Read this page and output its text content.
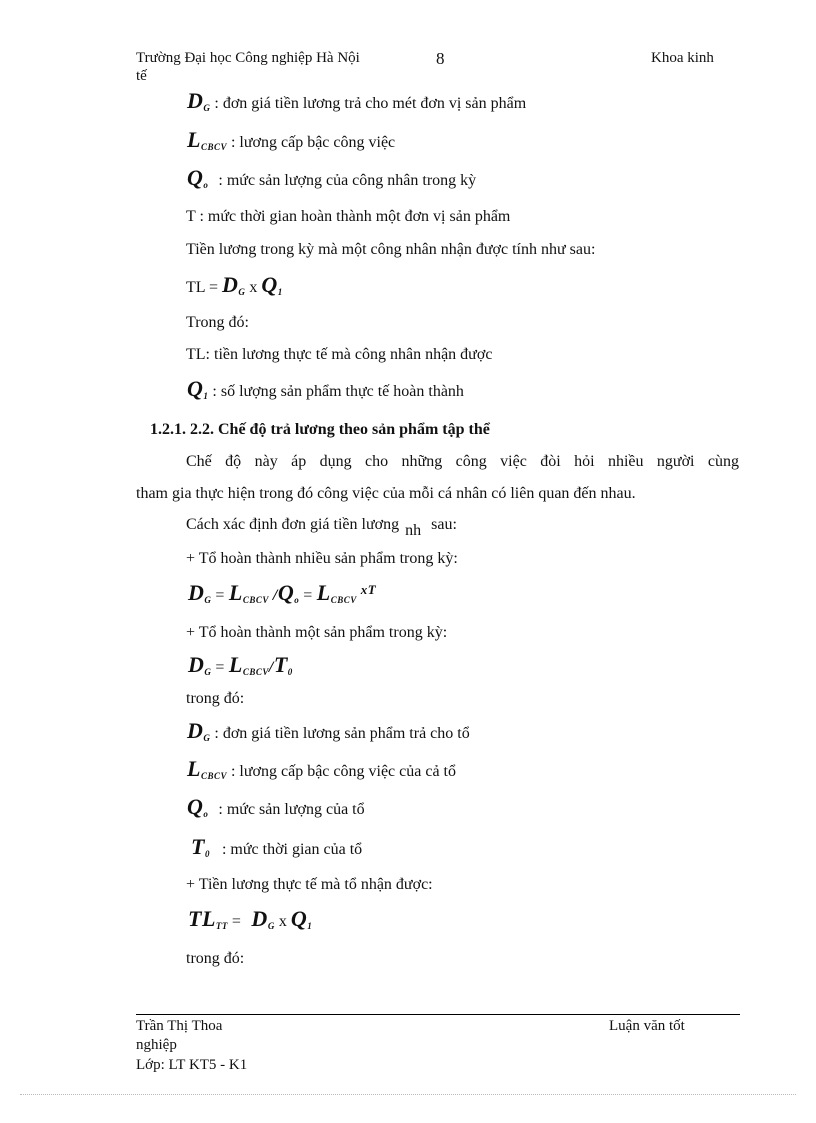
Trường Đại học Công nghiệp Hà Nội	8	Khoa kinh
tế
$D_G$ : đơn giá tiền lương trả cho mét đơn vị sản phẩm
$L_{CBCV}$ : lương cấp bậc công việc
$Q_o$ : mức sản lượng của công nhân trong kỳ
T : mức thời gian hoàn thành một đơn vị sản phẩm
Tiền lương trong kỳ mà một công nhân nhận được tính như sau:
TL = $D_G$ x $Q_1$
Trong đó:
TL: tiền lương thực tế mà công nhân nhận được
$Q_1$ : số lượng sản phẩm thực tế hoàn thành
1.2.1. 2.2. Chế độ trả lương theo sản phẩm tập thể
Chế độ này áp dụng cho những công việc đòi hỏi nhiều người cùng
tham gia thực hiện trong đó công việc của mỗi cá nhân có liên quan đến nhau.
Cách xác định đơn giá tiền lương nh sau:
+ Tổ hoàn thành nhiều sản phẩm trong kỳ:
$D_G = L_{CBCV}$ $/Q_o = L_{CBCV}$ $^{xT}$
+ Tổ hoàn thành một sản phẩm trong kỳ:
$D_G = L_{CBCV}/T_0$
trong đó:
$D_G$ : đơn giá tiền lương sản phẩm trả cho tổ
$L_{CBCV}$ : lương cấp bậc công việc của cả tổ
$Q_o$ : mức sản lượng của tổ
$T_0$ : mức thời gian của tổ
+ Tiền lương thực tế mà tổ nhận được:
$TL_{TT} = D_G$ x $Q_1$
trong đó:
Trần Thị Thoa	Luận văn tốt
nghiệp
Lớp: LT KT5 - K1
